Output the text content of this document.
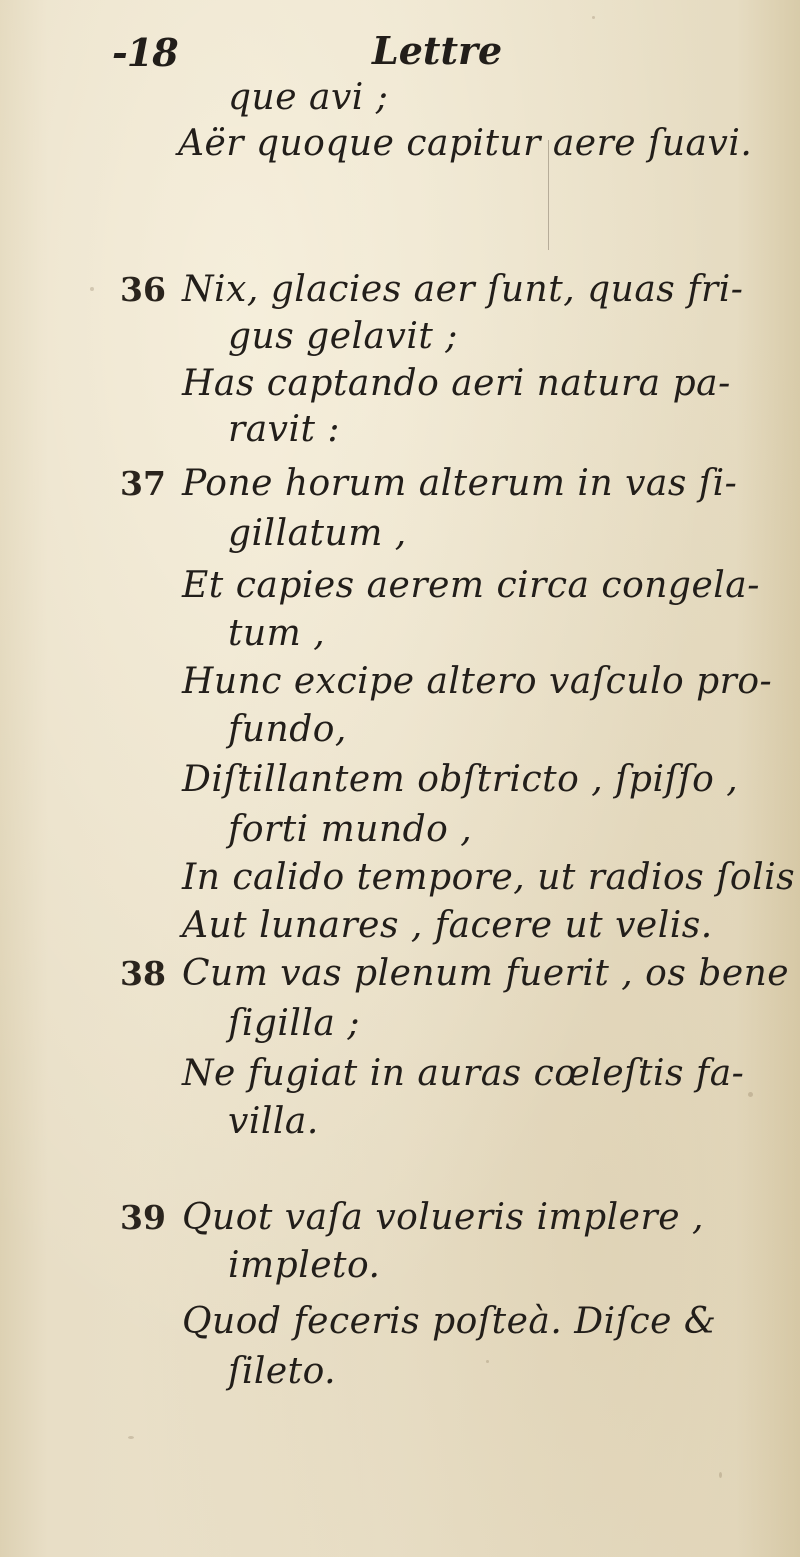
-18	Lettre
que avi ;
Aër quoque capitur aere ſuavi.
36 Nix, glacies aer ſunt, quas fri-
gus gelavit ;
Has captando aeri natura pa-
ravit :
37 Pone horum alterum in vas ſi-
gillatum ,
Et capies aerem circa congela-
tum ,
Hunc excipe altero vaſculo pro-
fundo,
Diſtillantem obſtricto , ſpiſſo ,
forti mundo ,
In calido tempore, ut radios ſolis
Aut lunares , facere ut velis.
38 Cum vas plenum fuerit , os bene
ſigilla ;
Ne fugiat in auras cœleſtis fa-
villa.
39 Quot vaſa volueris implere ,
impleto.
Quod feceris poſteà. Diſce &
ſileto.
